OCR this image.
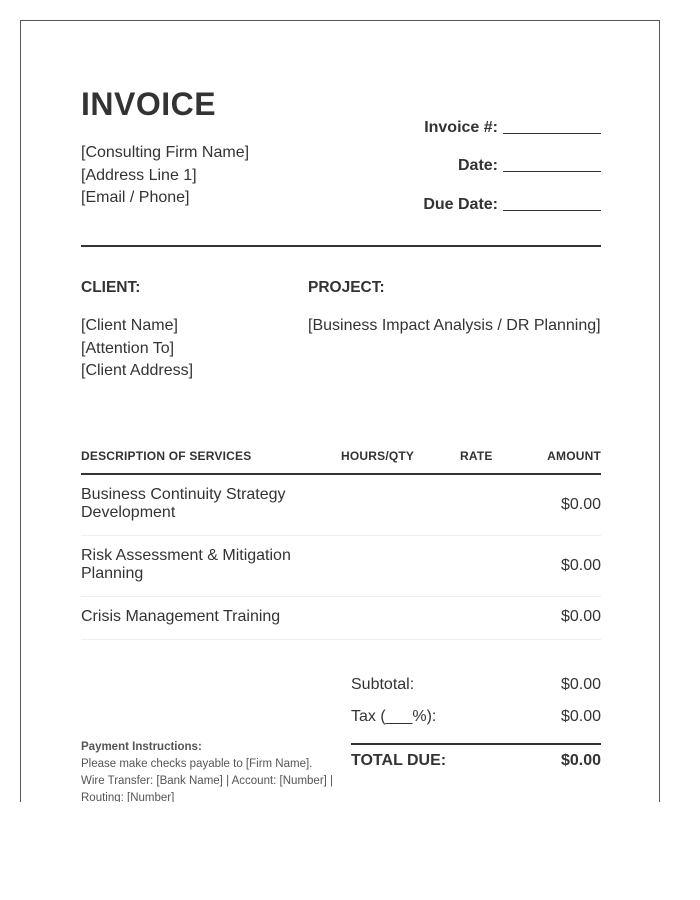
INVOICE
[Consulting Firm Name]
[Address Line 1]
[Email / Phone]
Invoice #:
Date:
Due Date:
CLIENT:	PROJECT:
[Client Name]
[Attention To]
[Client Address]
[Business Impact Analysis / DR Planning]
DESCRIPTION OF SERVICES	HOURS/QTY	RATE	AMOUNT
Business Continuity Strategy
Development	$0.00
Risk Assessment & Mitigation
Planning	$0.00
Crisis Management Training	$0.00
Subtotal:	$0.00
Tax (___%):	$0.00
TOTAL DUE:	$0.00
Payment Instructions:
Please make checks payable to [Firm Name].
Wire Transfer: [Bank Name] | Account: [Number] |
Routing: [Number]
